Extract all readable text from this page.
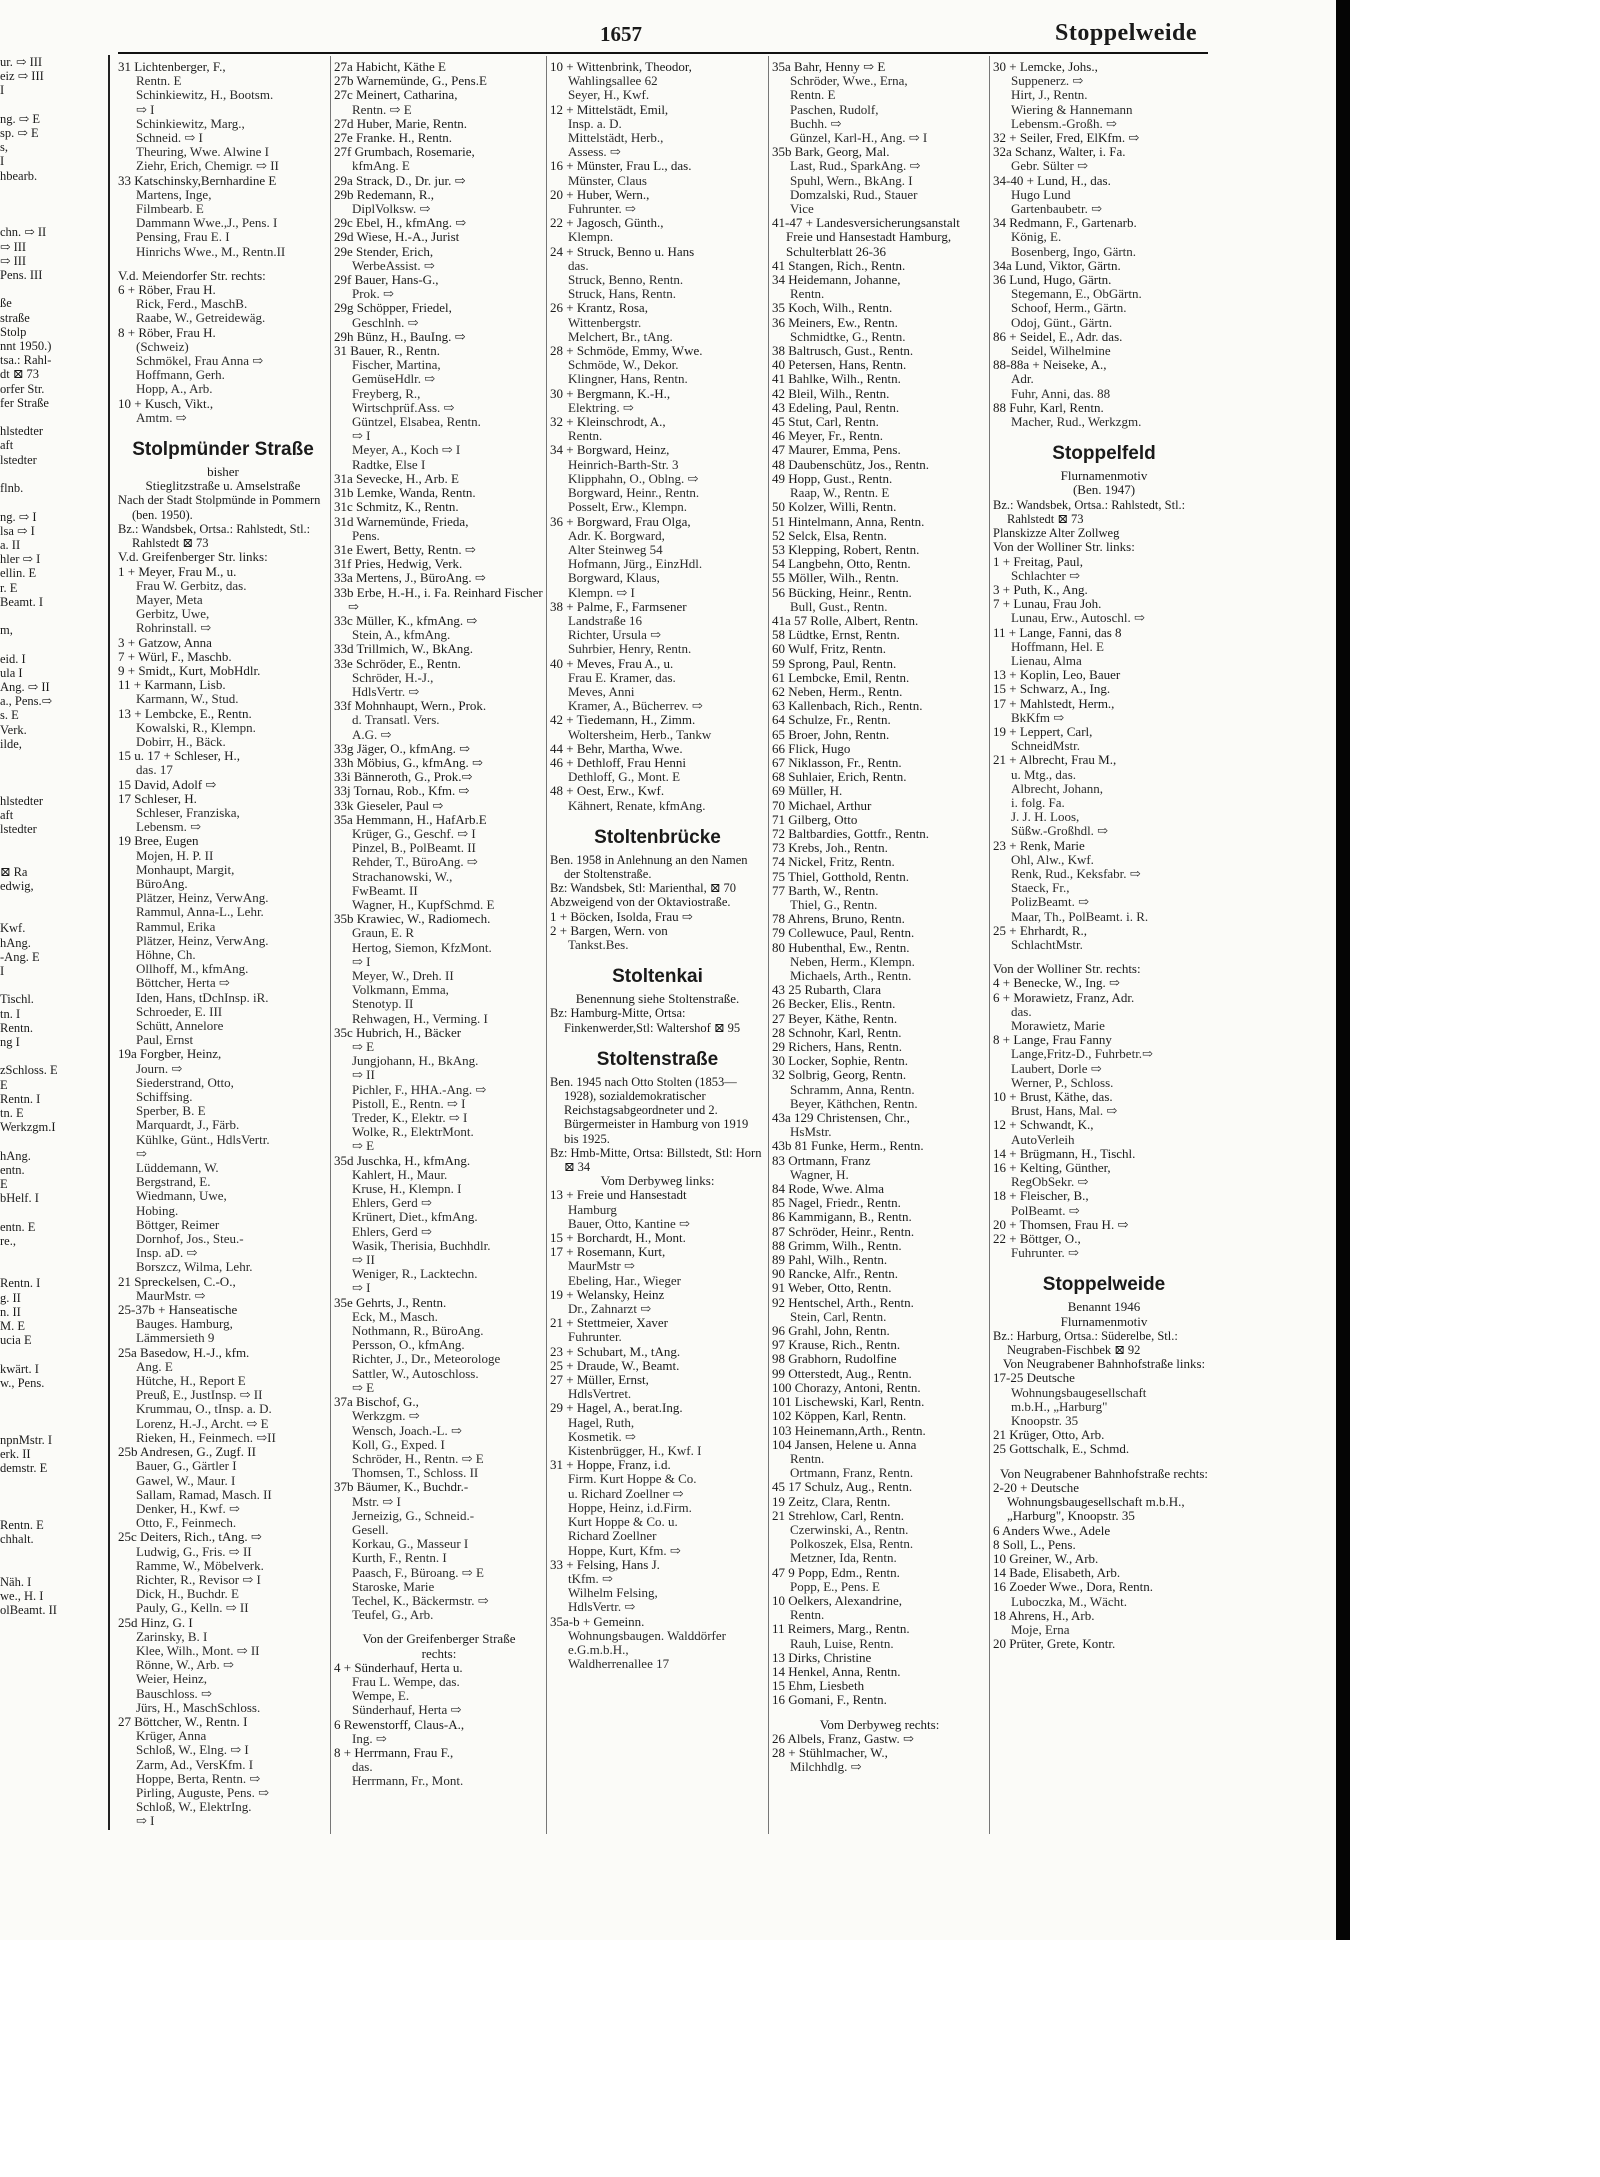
1657	Stoppelweide

ur. ⇨ III

eiz ⇨ III

I

ng. ⇨ E

sp. ⇨ E

s,

I

hbearb.

chn. ⇨ II

⇨ III

⇨ III

Pens. III

ße

straße

Stolp

nnt 1950.)

tsa.: Rahl-

dt ⊠ 73

orfer Str.

fer Straße

hlstedter

aft

lstedter

flnb.

ng. ⇨ I

lsa ⇨ I

a. II

hler ⇨ I

ellin. E

r. E

Beamt. I

m,

eid. I

ula I

Ang. ⇨ II

a., Pens.⇨

s. E

Verk.

ilde,

hlstedter

aft

lstedter

⊠ Ra

edwig,

Kwf.

hAng.

-Ang. E

I

Tischl.

tn. I

Rentn.

ng I

zSchloss. E

E

Rentn. I

tn. E

Werkzgm.I

hAng.

entn.

E

bHelf. I

entn. E

re.,

Rentn. I

g. II

n. II

M. E

ucia E

kwärt. I

w., Pens.

npnMstr. I

erk. II

demstr. E

Rentn. E

chhalt.

Näh. I

we., H. I

olBeamt. II

31 Lichtenberger, F.,

Rentn. E

Schinkiewitz, H., Bootsm.

⇨ I

Schinkiewitz, Marg.,

Schneid. ⇨ I

Theuring, Wwe. Alwine I

Ziehr, Erich, Chemigr. ⇨ II

33 Katschinsky,Bernhardine E

Martens, Inge,

Filmbearb. E

Dammann Wwe.,J., Pens. I

Pensing, Frau E. I

Hinrichs Wwe., M., Rentn.II

V.d. Meiendorfer Str. rechts:

6 + Röber, Frau H.

Rick, Ferd., MaschB.

Raabe, W., Getreidewäg.

8 + Röber, Frau H.

(Schweiz)

Schmökel, Frau Anna ⇨

Hoffmann, Gerh.

Hopp, A., Arb.

10 + Kusch, Vikt.,

Amtm. ⇨

Stolpmünder Straße

bisher

Stieglitzstraße u. Amselstraße

Nach der Stadt Stolpmünde in Pommern (ben. 1950).

Bz.: Wandsbek, Ortsa.: Rahlstedt, Stl.: Rahlstedt ⊠ 73

V.d. Greifenberger Str. links:

1 + Meyer, Frau M., u.

Frau W. Gerbitz, das.

Mayer, Meta

Gerbitz, Uwe,

Rohrinstall. ⇨

3 + Gatzow, Anna

7 + Würl, F., Maschb.

9 + Smidt,, Kurt, MobHdlr.

11 + Karmann, Lisb.

Karmann, W., Stud.

13 + Lembcke, E., Rentn.

Kowalski, R., Klempn.

Dobirr, H., Bäck.

15 u. 17 + Schleser, H.,

das. 17

15 David, Adolf ⇨

17 Schleser, H.

Schleser, Franziska,

Lebensm. ⇨

19 Bree, Eugen

Mojen, H. P. II

Monhaupt, Margit,

BüroAng.

Plätzer, Heinz, VerwAng.

Rammul, Anna-L., Lehr.

Rammul, Erika

Plätzer, Heinz, VerwAng.

Höhne, Ch.

Ollhoff, M., kfmAng.

Böttcher, Herta ⇨

Iden, Hans, tDchInsp. iR.

Schroeder, E. III

Schütt, Annelore

Paul, Ernst

19a Forgber, Heinz,

Journ. ⇨

Siederstrand, Otto,

Schiffsing.

Sperber, B. E

Marquardt, J., Färb.

Kühlke, Günt., HdlsVertr.

⇨

Lüddemann, W.

Bergstrand, E.

Wiedmann, Uwe,

Hobing.

Böttger, Reimer

Dornhof, Jos., Steu.-

Insp. aD. ⇨

Borszcz, Wilma, Lehr.

21 Spreckelsen, C.-O.,

MaurMstr. ⇨

25-37b + Hanseatische

Bauges. Hamburg,

Lämmersieth 9

25a Basedow, H.-J., kfm.

Ang. E

Hütche, H., Report E

Preuß, E., JustInsp. ⇨ II

Krummau, O., tInsp. a. D.

Lorenz, H.-J., Archt. ⇨ E

Rieken, H., Feinmech. ⇨II

25b Andresen, G., Zugf. II

Bauer, G., Gärtler I

Gawel, W., Maur. I

Sallam, Ramad, Masch. II

Denker, H., Kwf. ⇨

Otto, F., Feinmech.

25c Deiters, Rich., tAng. ⇨

Ludwig, G., Fris. ⇨ II

Ramme, W., Möbelverk.

Richter, R., Revisor ⇨ I

Dick, H., Buchdr. E

Pauly, G., Kelln. ⇨ II

25d Hinz, G. I

Zarinsky, B. I

Klee, Wilh., Mont. ⇨ II

Rönne, W., Arb. ⇨

Weier, Heinz,

Bauschloss. ⇨

Jürs, H., MaschSchloss.

27 Böttcher, W., Rentn. I

Krüger, Anna

Schloß, W., Elng. ⇨ I

Zarm, Ad., VersKfm. I

Hoppe, Berta, Rentn. ⇨

Pirling, Auguste, Pens. ⇨

Schloß, W., ElektrIng.

⇨ I

27a Habicht, Käthe E

27b Warnemünde, G., Pens.E

27c Meinert, Catharina,

Rentn. ⇨ E

27d Huber, Marie, Rentn.

27e Franke. H., Rentn.

27f Grumbach, Rosemarie,

kfmAng. E

29a Strack, D., Dr. jur. ⇨

29b Redemann, R.,

DiplVolksw. ⇨

29c Ebel, H., kfmAng. ⇨

29d Wiese, H.-A., Jurist

29e Stender, Erich,

WerbeAssist. ⇨

29f Bauer, Hans-G.,

Prok. ⇨

29g Schöpper, Friedel,

Geschlnh. ⇨

29h Bünz, H., BauIng. ⇨

31 Bauer, R., Rentn.

Fischer, Martina,

GemüseHdlr. ⇨

Freyberg, R.,

Wirtschprüf.Ass. ⇨

Güntzel, Elsabea, Rentn.

⇨ I

Meyer, A., Koch ⇨ I

Radtke, Else I

31a Sevecke, H., Arb. E

31b Lemke, Wanda, Rentn.

31c Schmitz, K., Rentn.

31d Warnemünde, Frieda,

Pens.

31e Ewert, Betty, Rentn. ⇨

31f Pries, Hedwig, Verk.

33a Mertens, J., BüroAng. ⇨

33b Erbe, H.-H., i. Fa. Reinhard Fischer ⇨

33c Müller, K., kfmAng. ⇨

Stein, A., kfmAng.

33d Trillmich, W., BkAng.

33e Schröder, E., Rentn.

Schröder, H.-J.,

HdlsVertr. ⇨

33f Mohnhaupt, Wern., Prok.

d. Transatl. Vers.

A.G. ⇨

33g Jäger, O., kfmAng. ⇨

33h Möbius, G., kfmAng. ⇨

33i Bänneroth, G., Prok.⇨

33j Tornau, Rob., Kfm. ⇨

33k Gieseler, Paul ⇨

35a Hemmann, H., HafArb.E

Krüger, G., Geschf. ⇨ I

Pinzel, B., PolBeamt. II

Rehder, T., BüroAng. ⇨

Strachanowski, W.,

FwBeamt. II

Wagner, H., KupfSchmd. E

35b Krawiec, W., Radiomech.

Graun, E. R

Hertog, Siemon, KfzMont.

⇨ I

Meyer, W., Dreh. II

Volkmann, Emma,

Stenotyp. II

Rehwagen, H., Verming. I

35c Hubrich, H., Bäcker

⇨ E

Jungjohann, H., BkAng.

⇨ II

Pichler, F., HHA.-Ang. ⇨

Pistoll, E., Rentn. ⇨ I

Treder, K., Elektr. ⇨ I

Wolke, R., ElektrMont.

⇨ E

35d Juschka, H., kfmAng.

Kahlert, H., Maur.

Kruse, H., Klempn. I

Ehlers, Gerd ⇨

Krünert, Diet., kfmAng.

Ehlers, Gerd ⇨

Wasik, Therisia, Buchhdlr.

⇨ II

Weniger, R., Lacktechn.

⇨ I

35e Gehrts, J., Rentn.

Eck, M., Masch.

Nothmann, R., BüroAng.

Persson, O., kfmAng.

Richter, J., Dr., Meteorologe

Sattler, W., Autoschloss.

⇨ E

37a Bischof, G.,

Werkzgm. ⇨

Wensch, Joach.-L. ⇨

Koll, G., Exped. I

Schröder, H., Rentn. ⇨ E

Thomsen, T., Schloss. II

37b Bäumer, K., Buchdr.-

Mstr. ⇨ I

Jerneizig, G., Schneid.-

Gesell.

Korkau, G., Masseur I

Kurth, F., Rentn. I

Paasch, F., Büroang. ⇨ E

Staroske, Marie

Techel, K., Bäckermstr. ⇨

Teufel, G., Arb.

Von der Greifenberger Straße

rechts:

4 + Sünderhauf, Herta u.

Frau L. Wempe, das.

Wempe, E.

Sünderhauf, Herta ⇨

6 Rewenstorff, Claus-A.,

Ing. ⇨

8 + Herrmann, Frau F.,

das.

Herrmann, Fr., Mont.

10 + Wittenbrink, Theodor,

Wahlingsallee 62

Seyer, H., Kwf.

12 + Mittelstädt, Emil,

Insp. a. D.

Mittelstädt, Herb.,

Assess. ⇨

16 + Münster, Frau L., das.

Münster, Claus

20 + Huber, Wern.,

Fuhrunter. ⇨

22 + Jagosch, Günth.,

Klempn.

24 + Struck, Benno u. Hans

das.

Struck, Benno, Rentn.

Struck, Hans, Rentn.

26 + Krantz, Rosa,

Wittenbergstr.

Melchert, Br., tAng.

28 + Schmöde, Emmy, Wwe.

Schmöde, W., Dekor.

Klingner, Hans, Rentn.

30 + Bergmann, K.-H.,

Elektring. ⇨

32 + Kleinschrodt, A.,

Rentn.

34 + Borgward, Heinz,

Heinrich-Barth-Str. 3

Klipphahn, O., Oblng. ⇨

Borgward, Heinr., Rentn.

Posselt, Erw., Klempn.

36 + Borgward, Frau Olga,

Adr. K. Borgward,

Alter Steinweg 54

Hofmann, Jürg., EinzHdl.

Borgward, Klaus,

Klempn. ⇨ I

38 + Palme, F., Farmsener

Landstraße 16

Richter, Ursula ⇨

Suhrbier, Henry, Rentn.

40 + Meves, Frau A., u.

Frau E. Kramer, das.

Meves, Anni

Kramer, A., Bücherrev. ⇨

42 + Tiedemann, H., Zimm.

Woltersheim, Herb., Tankw

44 + Behr, Martha, Wwe.

46 + Dethloff, Frau Henni

Dethloff, G., Mont. E

48 + Oest, Erw., Kwf.

Kähnert, Renate, kfmAng.

Stoltenbrücke

Ben. 1958 in Anlehnung an den Namen der Stoltenstraße.

Bz: Wandsbek, Stl: Marienthal, ⊠ 70

Abzweigend von der Oktaviostraße.

1 + Böcken, Isolda, Frau ⇨

2 + Bargen, Wern. von

Tankst.Bes.

Stoltenkai

Benennung siehe Stoltenstraße.

Bz: Hamburg-Mitte, Ortsa: Finkenwerder,Stl: Waltershof ⊠ 95

Stoltenstraße

Ben. 1945 nach Otto Stolten (1853—1928), sozialdemokratischer Reichstagsabgeordneter und 2. Bürgermeister in Hamburg von 1919 bis 1925.

Bz: Hmb-Mitte, Ortsa: Billstedt, Stl: Horn ⊠ 34

Vom Derbyweg links:

13 + Freie und Hansestadt

Hamburg

Bauer, Otto, Kantine ⇨

15 + Borchardt, H., Mont.

17 + Rosemann, Kurt,

MaurMstr ⇨

Ebeling, Har., Wieger

19 + Welansky, Heinz

Dr., Zahnarzt ⇨

21 + Stettmeier, Xaver

Fuhrunter.

23 + Schubart, M., tAng.

25 + Draude, W., Beamt.

27 + Müller, Ernst,

HdlsVertret.

29 + Hagel, A., berat.Ing.

Hagel, Ruth,

Kosmetik. ⇨

Kistenbrügger, H., Kwf. I

31 + Hoppe, Franz, i.d.

Firm. Kurt Hoppe & Co.

u. Richard Zoellner ⇨

Hoppe, Heinz, i.d.Firm.

Kurt Hoppe & Co. u.

Richard Zoellner

Hoppe, Kurt, Kfm. ⇨

33 + Felsing, Hans J.

tKfm. ⇨

Wilhelm Felsing,

HdlsVertr. ⇨

35a-b + Gemeinn.

Wohnungsbaugen. Walddörfer e.G.m.b.H.,

Waldherrenallee 17

35a Bahr, Henny ⇨ E

Schröder, Wwe., Erna,

Rentn. E

Paschen, Rudolf,

Buchh. ⇨

Günzel, Karl-H., Ang. ⇨ I

35b Bark, Georg, Mal.

Last, Rud., SparkAng. ⇨

Spuhl, Wern., BkAng. I

Domzalski, Rud., Stauer

Vice

41-47 + Landesversicherungsanstalt Freie und Hansestadt Hamburg, Schulterblatt 26-36

41 Stangen, Rich., Rentn.

34 Heidemann, Johanne,

Rentn.

35 Koch, Wilh., Rentn.

36 Meiners, Ew., Rentn.

Schmidtke, G., Rentn.

38 Baltrusch, Gust., Rentn.

40 Petersen, Hans, Rentn.

41 Bahlke, Wilh., Rentn.

42 Bleil, Wilh., Rentn.

43 Edeling, Paul, Rentn.

45 Stut, Carl, Rentn.

46 Meyer, Fr., Rentn.

47 Maurer, Emma, Pens.

48 Daubenschütz, Jos., Rentn.

49 Hopp, Gust., Rentn.

Raap, W., Rentn. E

50 Kolzer, Willi, Rentn.

51 Hintelmann, Anna, Rentn.

52 Selck, Elsa, Rentn.

53 Klepping, Robert, Rentn.

54 Langbehn, Otto, Rentn.

55 Möller, Wilh., Rentn.

56 Bücking, Heinr., Rentn.

Bull, Gust., Rentn.

41a 57 Rolle, Albert, Rentn.

58 Lüdtke, Ernst, Rentn.

60 Wulf, Fritz, Rentn.

59 Sprong, Paul, Rentn.

61 Lembcke, Emil, Rentn.

62 Neben, Herm., Rentn.

63 Kallenbach, Rich., Rentn.

64 Schulze, Fr., Rentn.

65 Broer, John, Rentn.

66 Flick, Hugo

67 Niklasson, Fr., Rentn.

68 Suhlaier, Erich, Rentn.

69 Müller, H.

70 Michael, Arthur

71 Gilberg, Otto

72 Baltbardies, Gottfr., Rentn.

73 Krebs, Joh., Rentn.

74 Nickel, Fritz, Rentn.

75 Thiel, Gotthold, Rentn.

77 Barth, W., Rentn.

Thiel, G., Rentn.

78 Ahrens, Bruno, Rentn.

79 Collewuce, Paul, Rentn.

80 Hubenthal, Ew., Rentn.

Neben, Herm., Klempn.

Michaels, Arth., Rentn.

43 25 Rubarth, Clara

26 Becker, Elis., Rentn.

27 Beyer, Käthe, Rentn.

28 Schnohr, Karl, Rentn.

29 Richers, Hans, Rentn.

30 Locker, Sophie, Rentn.

32 Solbrig, Georg, Rentn.

Schramm, Anna, Rentn.

Beyer, Käthchen, Rentn.

43a 129 Christensen, Chr.,

HsMstr.

43b 81 Funke, Herm., Rentn.

83 Ortmann, Franz

Wagner, H.

84 Rode, Wwe. Alma

85 Nagel, Friedr., Rentn.

86 Kammigann, B., Rentn.

87 Schröder, Heinr., Rentn.

88 Grimm, Wilh., Rentn.

89 Pahl, Wilh., Rentn.

90 Rancke, Alfr., Rentn.

91 Weber, Otto, Rentn.

92 Hentschel, Arth., Rentn.

Stein, Carl, Rentn.

96 Grahl, John, Rentn.

97 Krause, Rich., Rentn.

98 Grabhorn, Rudolfine

99 Otterstedt, Aug., Rentn.

100 Chorazy, Antoni, Rentn.

101 Lischewski, Karl, Rentn.

102 Köppen, Karl, Rentn.

103 Heinemann,Arth., Rentn.

104 Jansen, Helene u. Anna

Rentn.

Ortmann, Franz, Rentn.

45 17 Schulz, Aug., Rentn.

19 Zeitz, Clara, Rentn.

21 Strehlow, Carl, Rentn.

Czerwinski, A., Rentn.

Polkoszek, Elsa, Rentn.

Metzner, Ida, Rentn.

47 9 Popp, Edm., Rentn.

Popp, E., Pens. E

10 Oelkers, Alexandrine,

Rentn.

11 Reimers, Marg., Rentn.

Rauh, Luise, Rentn.

13 Dirks, Christine

14 Henkel, Anna, Rentn.

15 Ehm, Liesbeth

16 Gomani, F., Rentn.

Vom Derbyweg rechts:

26 Albels, Franz, Gastw. ⇨

28 + Stühlmacher, W.,

Milchhdlg. ⇨

30 + Lemcke, Johs.,

Suppenerz. ⇨

Hirt, J., Rentn.

Wiering & Hannemann

Lebensm.-Großh. ⇨

32 + Seiler, Fred, ElKfm. ⇨

32a Schanz, Walter, i. Fa.

Gebr. Sülter ⇨

34-40 + Lund, H., das.

Hugo Lund

Gartenbaubetr. ⇨

34 Redmann, F., Gartenarb.

König, E.

Bosenberg, Ingo, Gärtn.

34a Lund, Viktor, Gärtn.

36 Lund, Hugo, Gärtn.

Stegemann, E., ObGärtn.

Schoof, Herm., Gärtn.

Odoj, Günt., Gärtn.

86 + Seidel, E., Adr. das.

Seidel, Wilhelmine

88-88a + Neiseke, A.,

Adr.

Fuhr, Anni, das. 88

88 Fuhr, Karl, Rentn.

Macher, Rud., Werkzgm.

Stoppelfeld

Flurnamenmotiv

(Ben. 1947)

Bz.: Wandsbek, Ortsa.: Rahlstedt, Stl.: Rahlstedt ⊠ 73

Planskizze Alter Zollweg

Von der Wolliner Str. links:

1 + Freitag, Paul,

Schlachter ⇨

3 + Puth, K., Ang.

7 + Lunau, Frau Joh.

Lunau, Erw., Autoschl. ⇨

11 + Lange, Fanni, das 8

Hoffmann, Hel. E

Lienau, Alma

13 + Koplin, Leo, Bauer

15 + Schwarz, A., Ing.

17 + Mahlstedt, Herm.,

BkKfm ⇨

19 + Leppert, Carl,

SchneidMstr.

21 + Albrecht, Frau M.,

u. Mtg., das.

Albrecht, Johann,

i. folg. Fa.

J. J. H. Loos,

Süßw.-Großhdl. ⇨

23 + Renk, Marie

Ohl, Alw., Kwf.

Renk, Rud., Keksfabr. ⇨

Staeck, Fr.,

PolizBeamt. ⇨

Maar, Th., PolBeamt. i. R.

25 + Ehrhardt, R.,

SchlachtMstr.

Von der Wolliner Str. rechts:

4 + Benecke, W., Ing. ⇨

6 + Morawietz, Franz, Adr.

das.

Morawietz, Marie

8 + Lange, Frau Fanny

Lange,Fritz-D., Fuhrbetr.⇨

Laubert, Dorle ⇨

Werner, P., Schloss.

10 + Brust, Käthe, das.

Brust, Hans, Mal. ⇨

12 + Schwandt, K.,

AutoVerleih

14 + Brügmann, H., Tischl.

16 + Kelting, Günther,

RegObSekr. ⇨

18 + Fleischer, B.,

PolBeamt. ⇨

20 + Thomsen, Frau H. ⇨

22 + Böttger, O.,

Fuhrunter. ⇨

Stoppelweide

Benannt 1946

Flurnamenmotiv

Bz.: Harburg, Ortsa.: Süderelbe, Stl.: Neugraben-Fischbek ⊠ 92

Von Neugrabener Bahnhofstraße links:

17-25 Deutsche

Wohnungsbaugesellschaft

m.b.H., „Harburg"

Knoopstr. 35

21 Krüger, Otto, Arb.

25 Gottschalk, E., Schmd.

Von Neugrabener Bahnhofstraße rechts:

2-20 + Deutsche Wohnungsbaugesellschaft m.b.H., „Harburg", Knoopstr. 35

6 Anders Wwe., Adele

8 Soll, L., Pens.

10 Greiner, W., Arb.

14 Bade, Elisabeth, Arb.

16 Zoeder Wwe., Dora, Rentn.

Luboczka, M., Wächt.

18 Ahrens, H., Arb.

Moje, Erna

20 Prüter, Grete, Kontr.
